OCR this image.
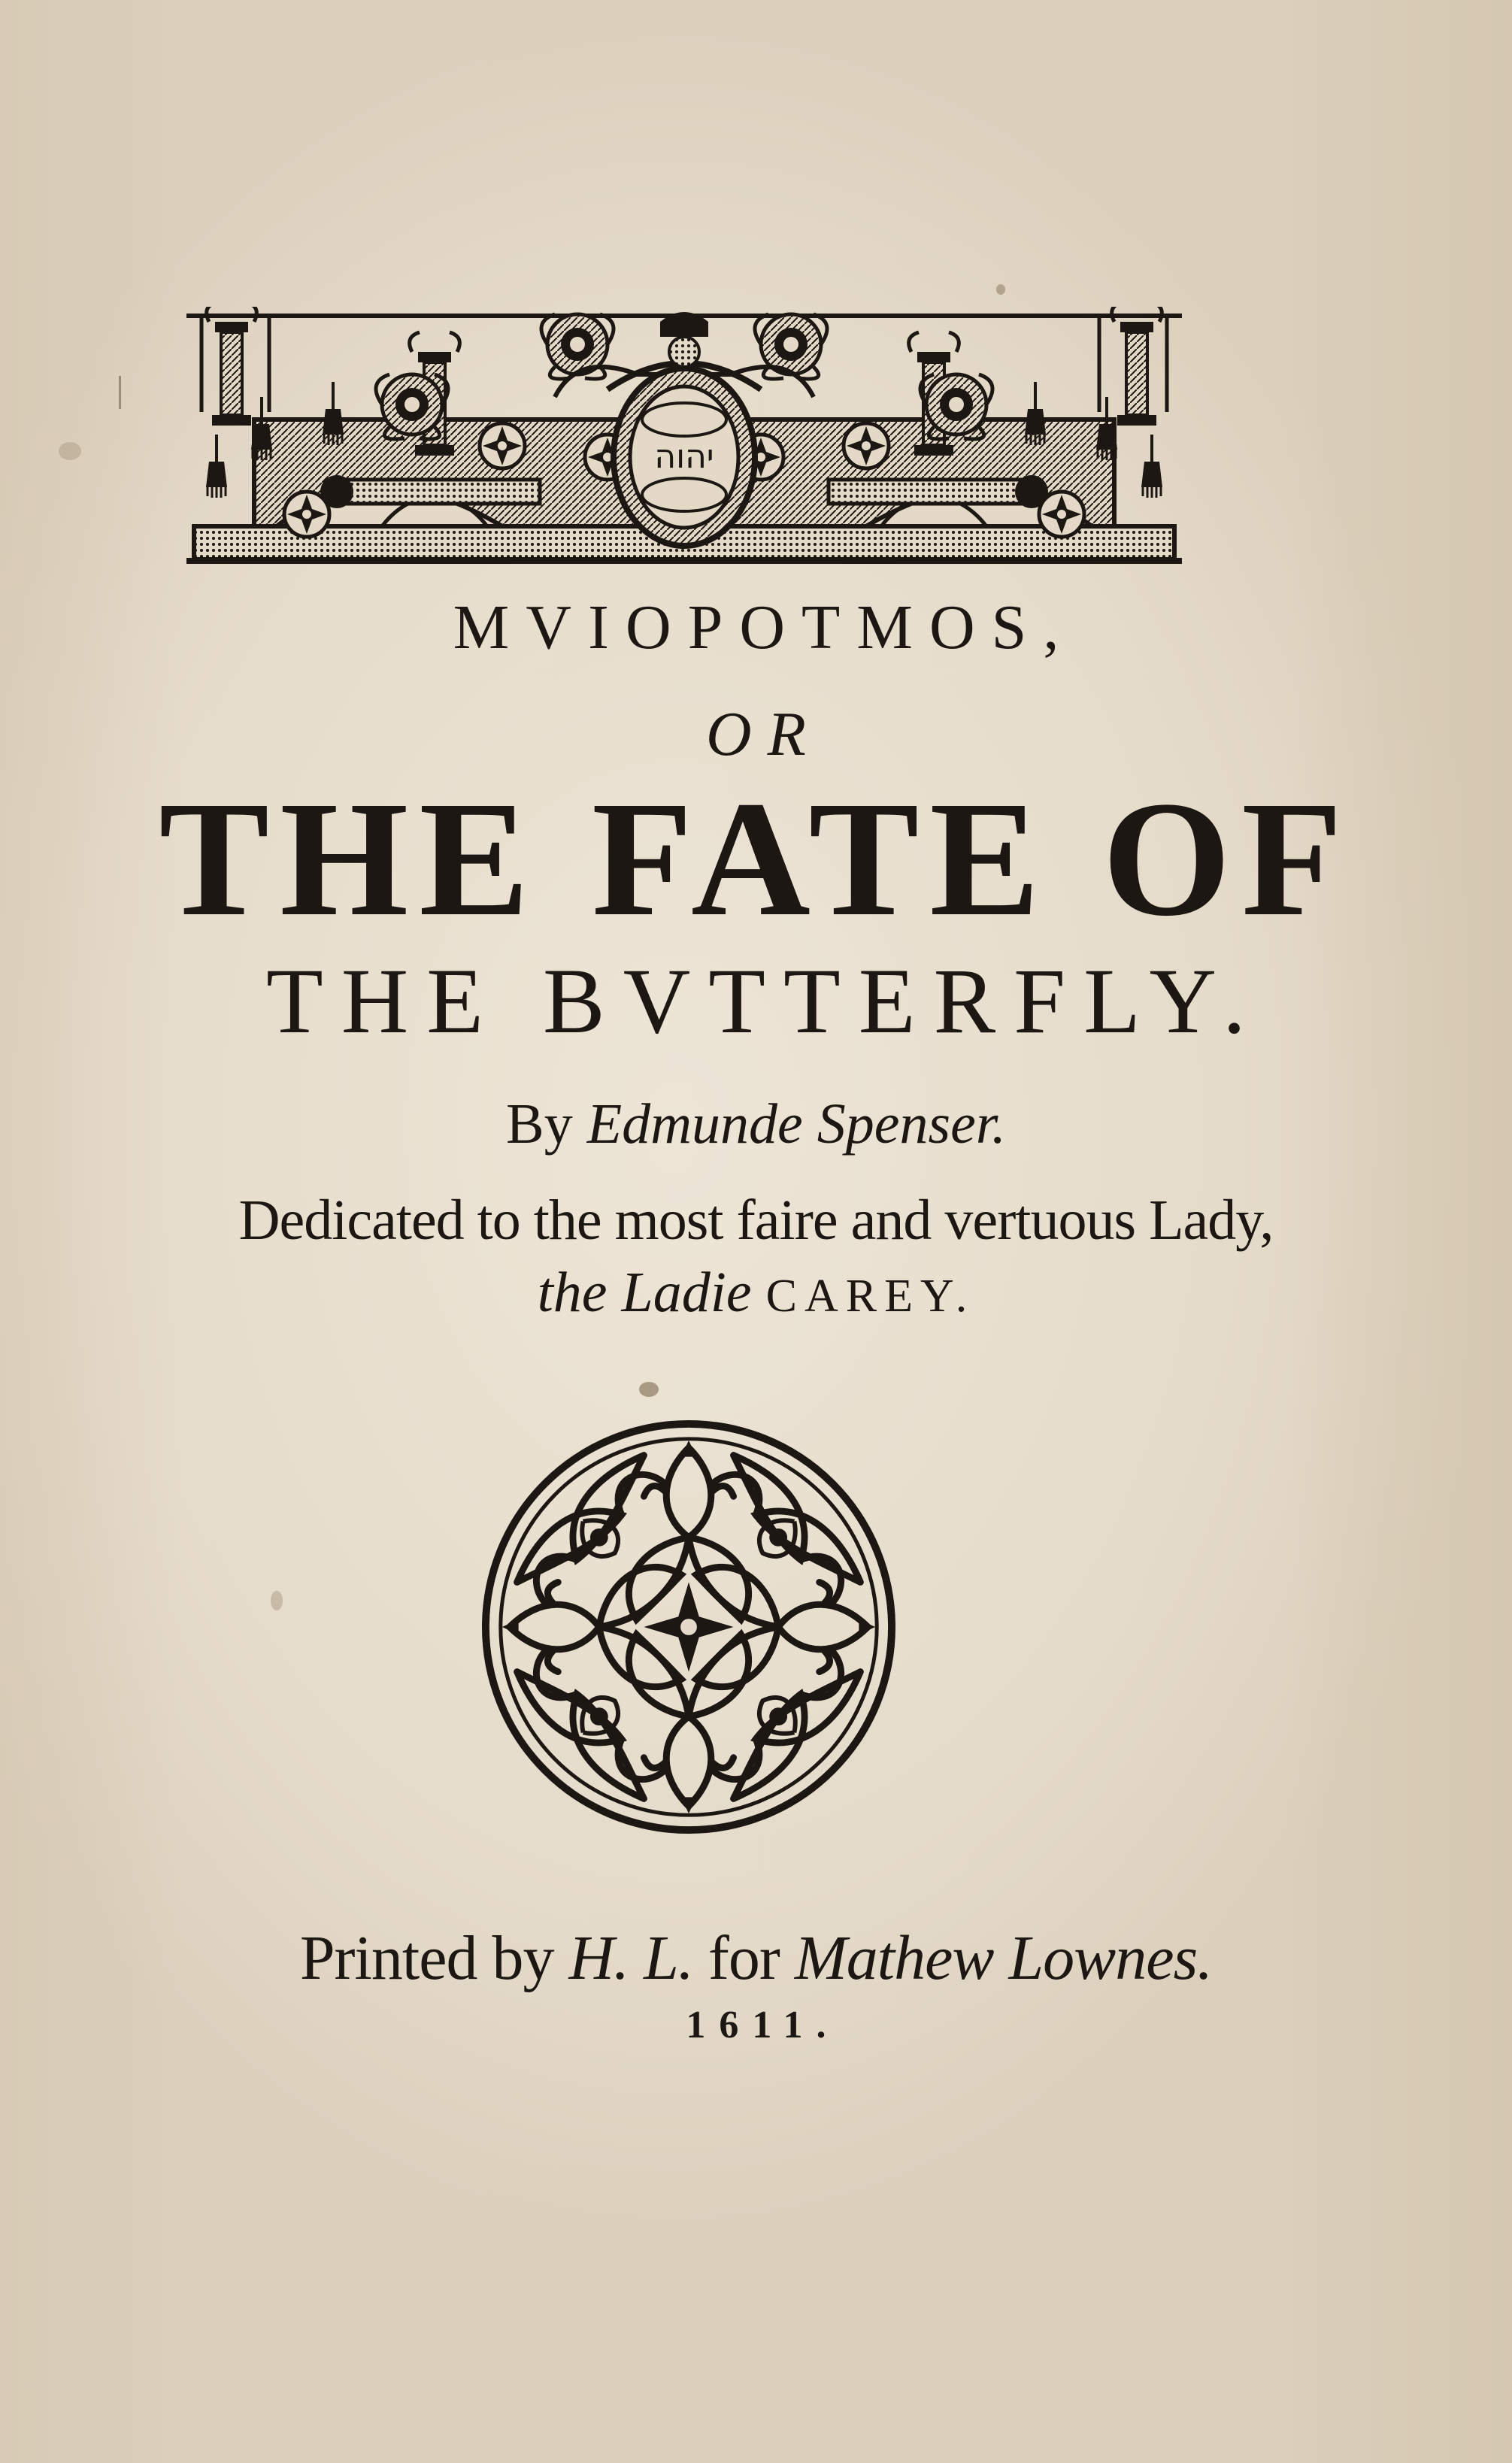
יהוה
MVIOPOTMOS,
O R
THE FATE OF
THE BVTTERFLY.
By Edmunde Spenser.
Dedicated to the most faire and vertuous Lady,
the Ladie CAREY.
Printed by H. L. for Mathew Lownes.
1611.
